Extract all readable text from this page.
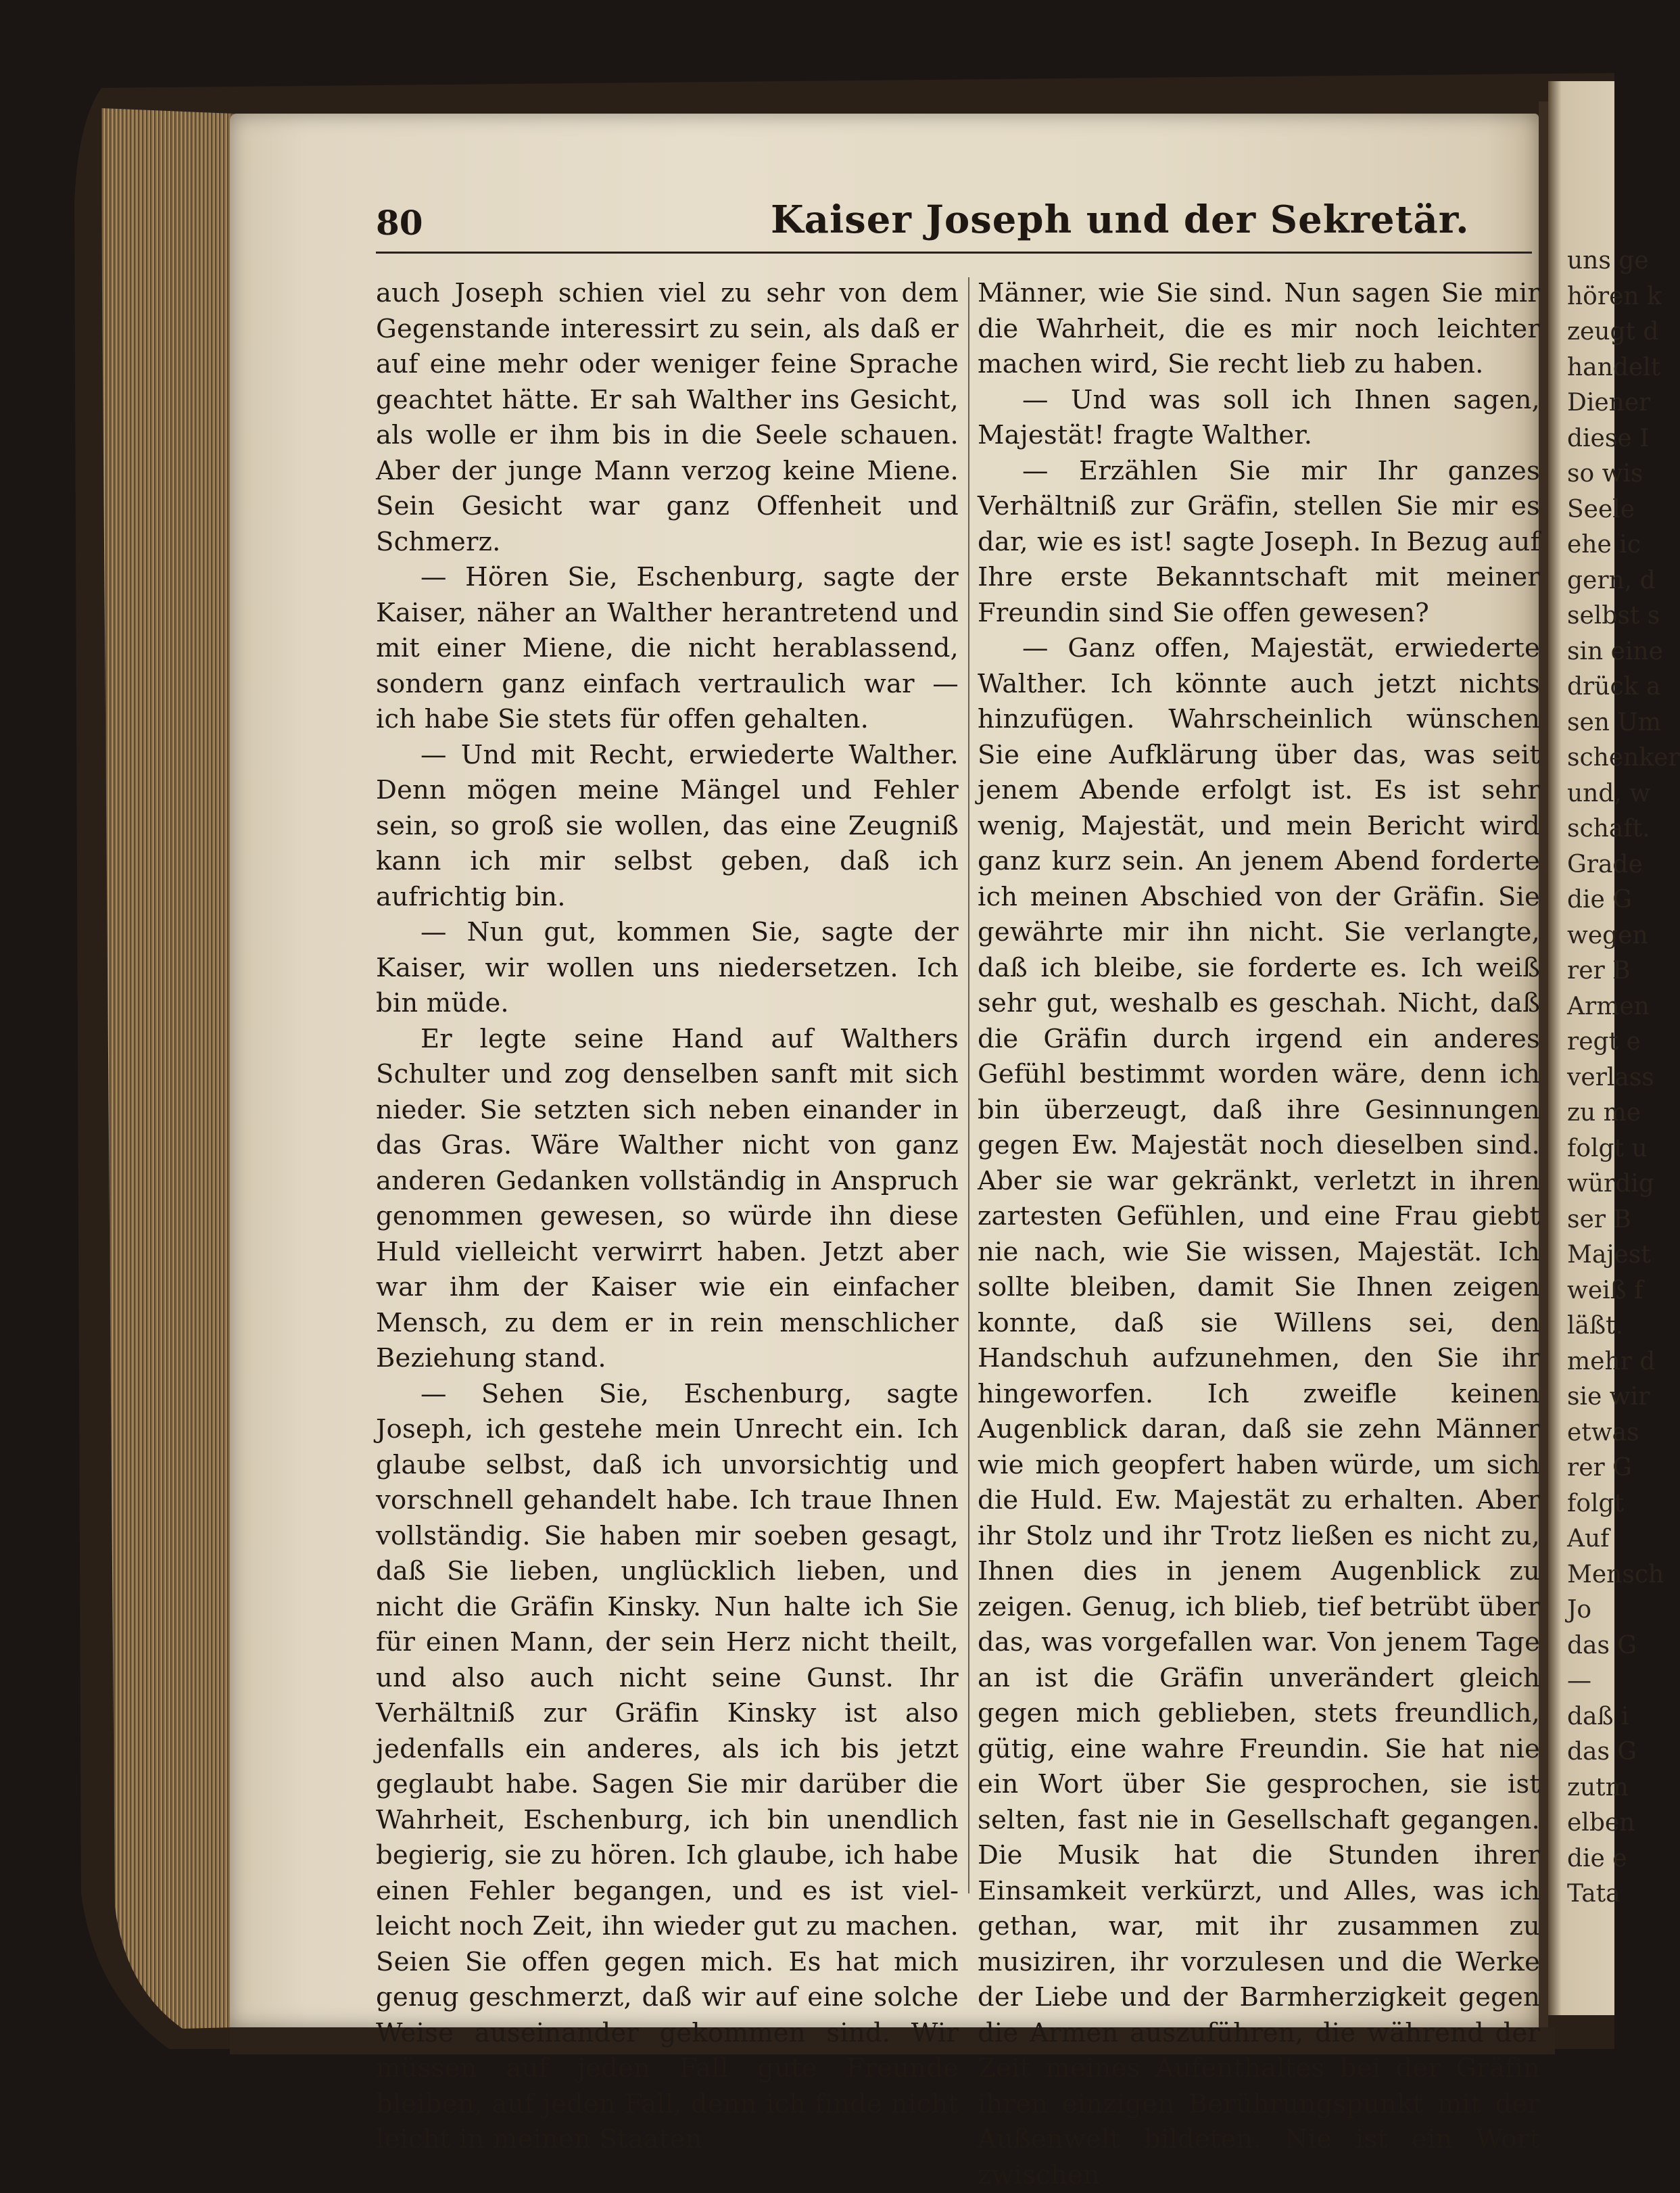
80	Kaiser Joseph und der Sekretär.

auch Joseph schien viel zu sehr von dem Gegenstande interessirt zu sein, als daß er auf eine mehr oder weniger feine Sprache geachtet hätte. Er sah Walther ins Gesicht, als wolle er ihm bis in die Seele schauen. Aber der junge Mann verzog keine Miene. Sein Gesicht war ganz Offenheit und Schmerz.

— Hören Sie, Eschenburg, sagte der Kaiser, näher an Walther herantretend und mit einer Miene, die nicht herablassend, sondern ganz einfach vertraulich war — ich habe Sie stets für offen gehalten.

— Und mit Recht, erwiederte Walther. Denn mögen meine Mängel und Fehler sein, so groß sie wollen, das eine Zeugniß kann ich mir selbst geben, daß ich aufrichtig bin.

— Nun gut, kommen Sie, sagte der Kaiser, wir wollen uns niedersetzen. Ich bin müde.

Er legte seine Hand auf Walthers Schulter und zog denselben sanft mit sich nieder. Sie setzten sich neben einander in das Gras. Wäre Walther nicht von ganz anderen Gedanken vollständig in Anspruch genommen gewesen, so würde ihn diese Huld vielleicht verwirrt haben. Jetzt aber war ihm der Kaiser wie ein einfacher Mensch, zu dem er in rein menschlicher Beziehung stand.

— Sehen Sie, Eschenburg, sagte Joseph, ich gestehe mein Unrecht ein. Ich glaube selbst, daß ich unvorsichtig und vorschnell gehandelt habe. Ich traue Ihnen vollständig. Sie haben mir soeben gesagt, daß Sie lieben, unglücklich lieben, und nicht die Gräfin Kinsky. Nun halte ich Sie für einen Mann, der sein Herz nicht theilt, und also auch nicht seine Gunst. Ihr Verhältniß zur Gräfin Kinsky ist also jedenfalls ein anderes, als ich bis jetzt geglaubt habe. Sagen Sie mir darüber die Wahrheit, Eschenburg, ich bin unendlich begierig, sie zu hören. Ich glaube, ich habe einen Fehler begangen, und es ist vielleicht noch Zeit, ihn wieder gut zu machen. Seien Sie offen gegen mich. Es hat mich genug geschmerzt, daß wir auf eine solche Weise auseinander gekommen sind. Wir müssen auf jeden Fall gute Freunde bleiben, auf jeden Fall, denn ich finde nicht leicht in meinen Staaten

Männer, wie Sie sind. Nun sagen Sie mir die Wahrheit, die es mir noch leichter machen wird, Sie recht lieb zu haben.

— Und was soll ich Ihnen sagen, Majestät! fragte Walther.

— Erzählen Sie mir Ihr ganzes Verhältniß zur Gräfin, stellen Sie mir es dar, wie es ist! sagte Joseph. In Bezug auf Ihre erste Bekanntschaft mit meiner Freundin sind Sie offen gewesen?

— Ganz offen, Majestät, erwiederte Walther. Ich könnte auch jetzt nichts hinzufügen. Wahrscheinlich wünschen Sie eine Aufklärung über das, was seit jenem Abende erfolgt ist. Es ist sehr wenig, Majestät, und mein Bericht wird ganz kurz sein. An jenem Abend forderte ich meinen Abschied von der Gräfin. Sie gewährte mir ihn nicht. Sie verlangte, daß ich bleibe, sie forderte es. Ich weiß sehr gut, weshalb es geschah. Nicht, daß die Gräfin durch irgend ein anderes Gefühl bestimmt worden wäre, denn ich bin überzeugt, daß ihre Gesinnungen gegen Ew. Majestät noch dieselben sind. Aber sie war gekränkt, verletzt in ihren zartesten Gefühlen, und eine Frau giebt nie nach, wie Sie wissen, Majestät. Ich sollte bleiben, damit Sie Ihnen zeigen konnte, daß sie Willens sei, den Handschuh aufzunehmen, den Sie ihr hingeworfen. Ich zweifle keinen Augenblick daran, daß sie zehn Männer wie mich geopfert haben würde, um sich die Huld. Ew. Majestät zu erhalten. Aber ihr Stolz und ihr Trotz ließen es nicht zu, Ihnen dies in jenem Augenblick zu zeigen. Genug, ich blieb, tief betrübt über das, was vorgefallen war. Von jenem Tage an ist die Gräfin unverändert gleich gegen mich geblieben, stets freundlich, gütig, eine wahre Freundin. Sie hat nie ein Wort über Sie gesprochen, sie ist selten, fast nie in Gesellschaft gegangen. Die Musik hat die Stunden ihrer Einsamkeit verkürzt, und Alles, was ich gethan, war, mit ihr zusammen zu musiziren, ihr vorzulesen und die Werke der Liebe und der Barmherzigkeit gegen die Armen auszuführen, die während der Zeit meines Aufenthaltes bei der Gräfin ihren einzigen Berührungspunkt mit der Außenwelt bildeten. Nie ist ein Wort zwischen

uns ge
hören k
zeugt d
handelt
Diener
diese I
so wis
Seele
ehe ic
gern, d
selbst s
sin eine
drück a
sen Um
schenker
und, w
schaft.
Grade
die G
wegen
rer B
Armen
regt e
verlass
zu me
folgt u
würdig
ser B
Majest
weiß f
läßt.
mehr d
sie wir
etwas
rer G
folgt
Auf
Mensch
Jo
das G
—
daß i
das G
zutm
elben
die e
Tata
